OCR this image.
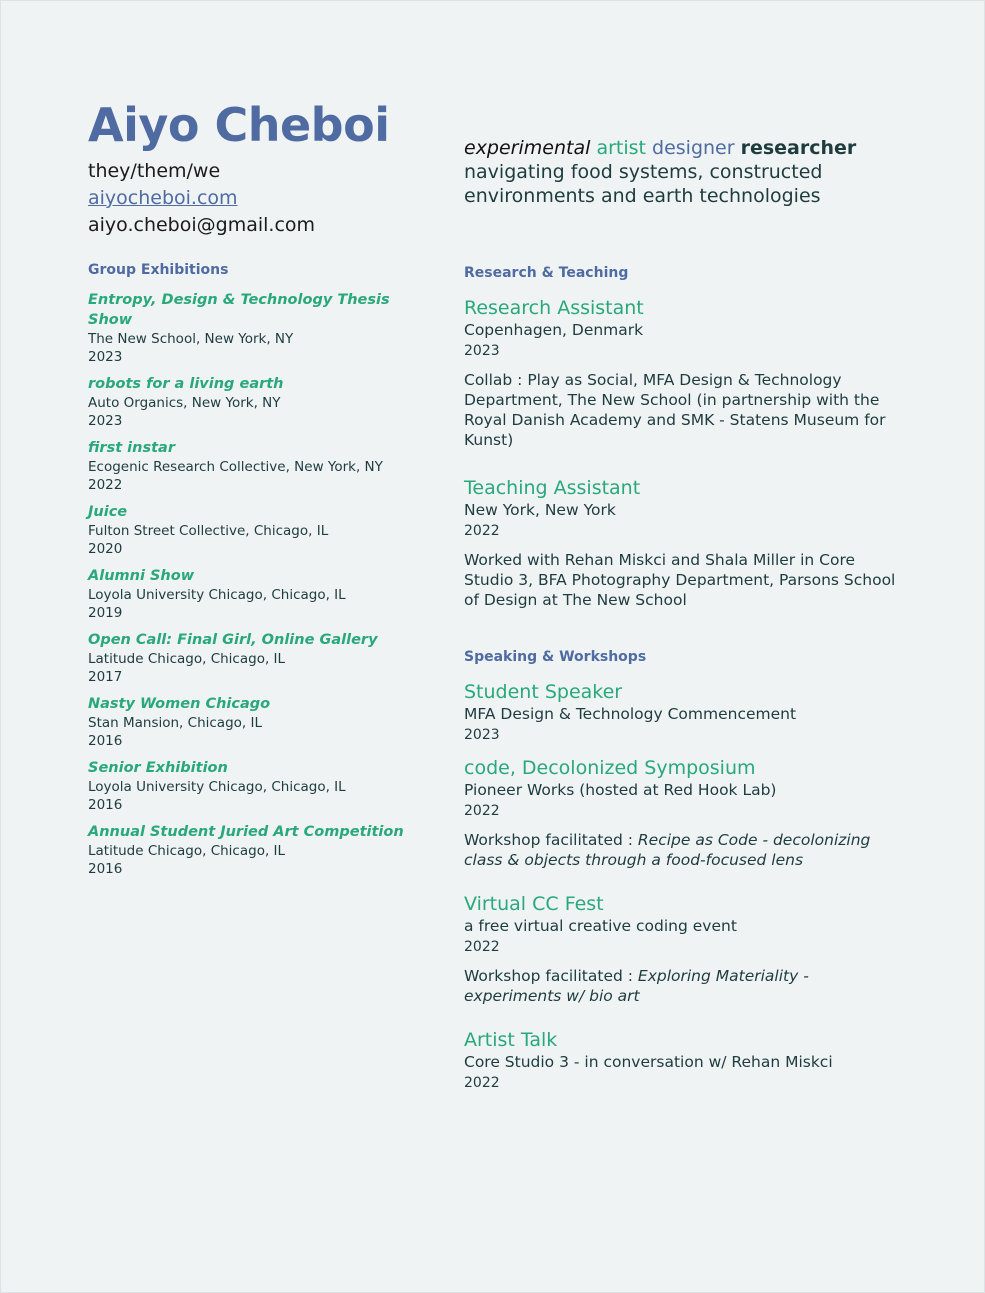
Aiyo Cheboi
they/them/we
aiyocheboi.com
aiyo.cheboi@gmail.com
Group Exhibitions
Entropy, Design & Technology Thesis Show
The New School, New York, NY
2023
robots for a living earth
Auto Organics, New York, NY
2023
first instar
Ecogenic Research Collective, New York, NY
2022
Juice
Fulton Street Collective, Chicago, IL
2020
Alumni Show
Loyola University Chicago, Chicago, IL
2019
Open Call: Final Girl, Online Gallery
Latitude Chicago, Chicago, IL
2017
Nasty Women Chicago
Stan Mansion, Chicago, IL
2016
Senior Exhibition
Loyola University Chicago, Chicago, IL
2016
Annual Student Juried Art Competition
Latitude Chicago, Chicago, IL
2016
experimental artist designer researcher
navigating food systems, constructed environments and earth technologies
Research & Teaching
Research Assistant
Copenhagen, Denmark
2023
Collab : Play as Social, MFA Design & Technology Department, The New School (in partnership with the Royal Danish Academy and SMK - Statens Museum for Kunst)
Teaching Assistant
New York, New York
2022
Worked with Rehan Miskci and Shala Miller in Core Studio 3, BFA Photography Department, Parsons School of Design at The New School
Speaking & Workshops
Student Speaker
MFA Design & Technology Commencement
2023
code, Decolonized Symposium
Pioneer Works (hosted at Red Hook Lab)
2022
Workshop facilitated : Recipe as Code - decolonizing class & objects through a food-focused lens
Virtual CC Fest
a free virtual creative coding event
2022
Workshop facilitated : Exploring Materiality - experiments w/ bio art
Artist Talk
Core Studio 3 - in conversation w/ Rehan Miskci
2022
